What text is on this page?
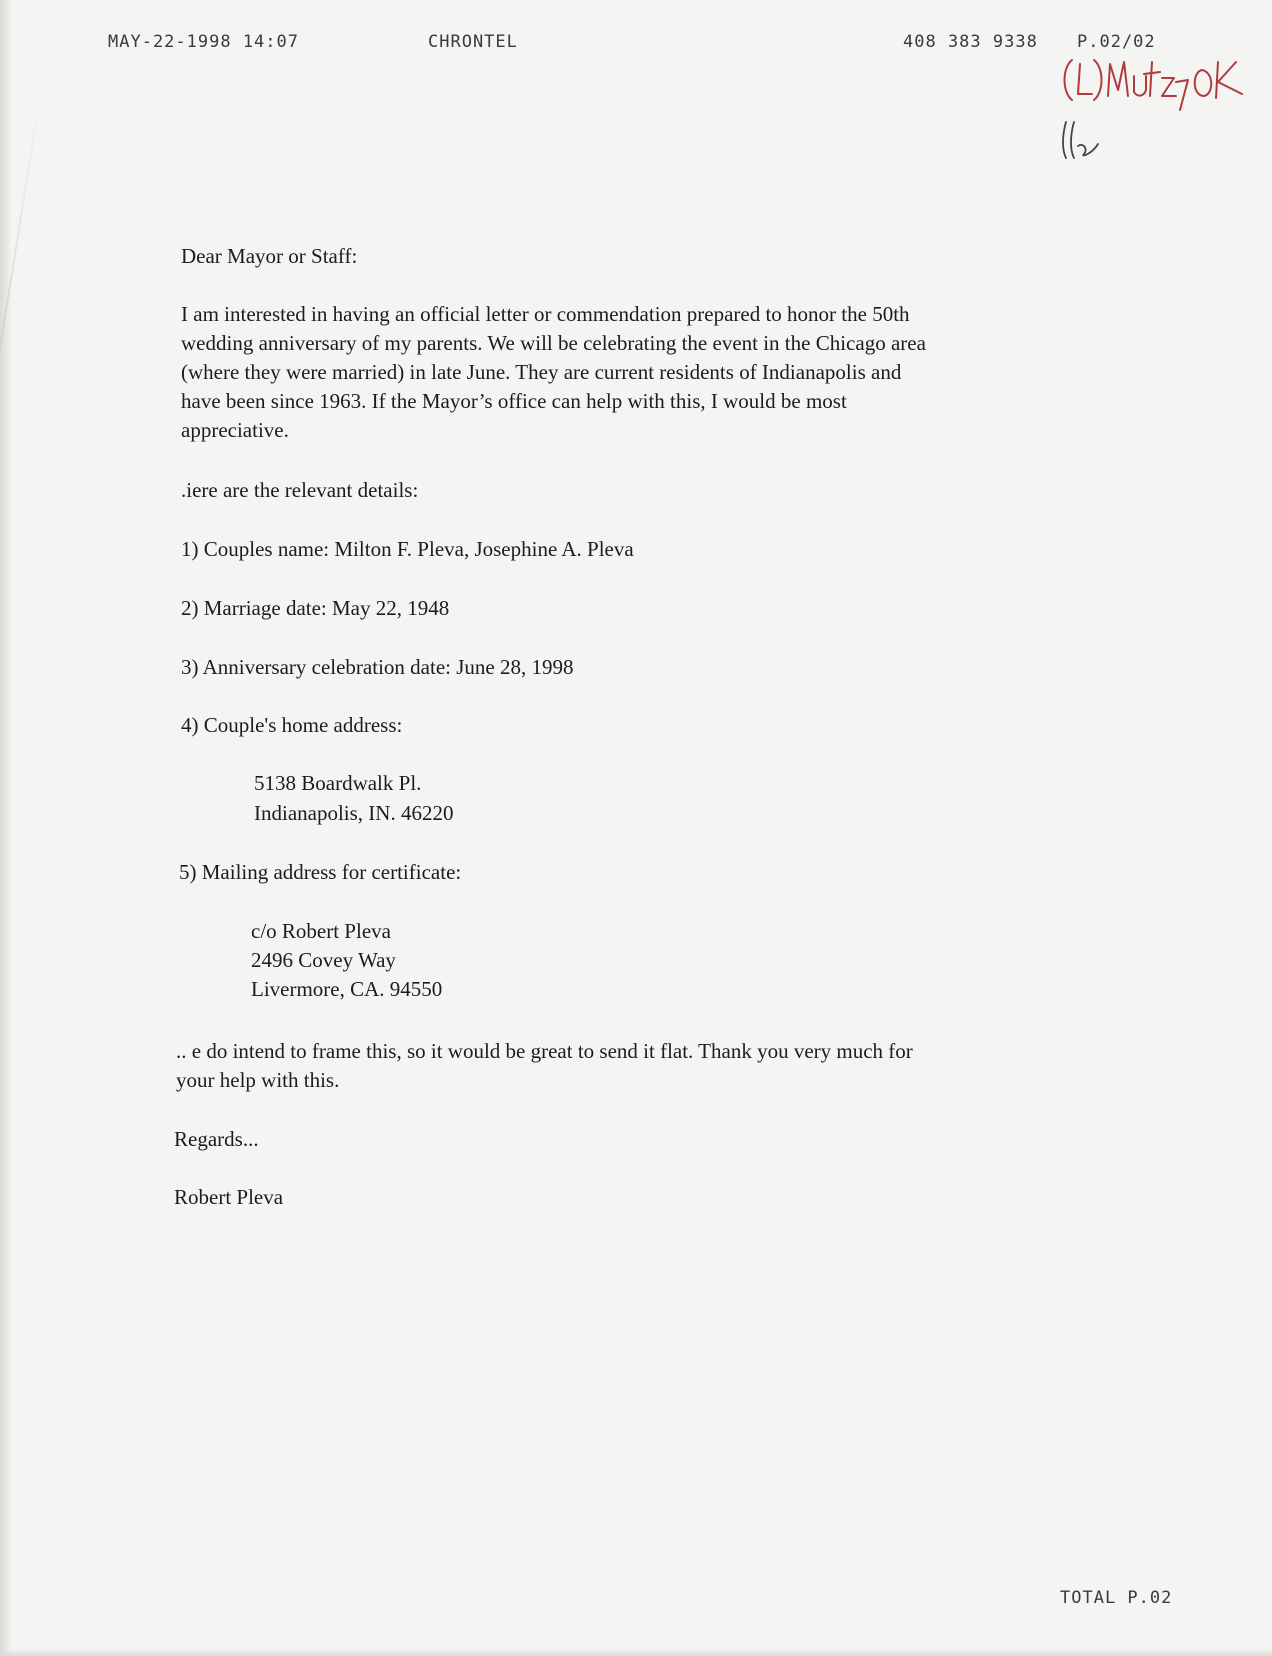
MAY-22-1998 14:07	CHRONTEL	408 383 9338 P.02/02
Dear Mayor or Staff:
I am interested in having an official letter or commendation prepared to honor the 50th
wedding anniversary of my parents. We will be celebrating the event in the Chicago area
(where they were married) in late June. They are current residents of Indianapolis and
have been since 1963. If the Mayor’s office can help with this, I would be most
appreciative.
.iere are the relevant details:
1) Couples name: Milton F. Pleva, Josephine A. Pleva
2) Marriage date: May 22, 1948
3) Anniversary celebration date: June 28, 1998
4) Couple's home address:
5138 Boardwalk Pl.
Indianapolis, IN. 46220
5) Mailing address for certificate:
c/o Robert Pleva
2496 Covey Way
Livermore, CA. 94550
.. e do intend to frame this, so it would be great to send it flat. Thank you very much for
your help with this.
Regards...
Robert Pleva
TOTAL P.02
